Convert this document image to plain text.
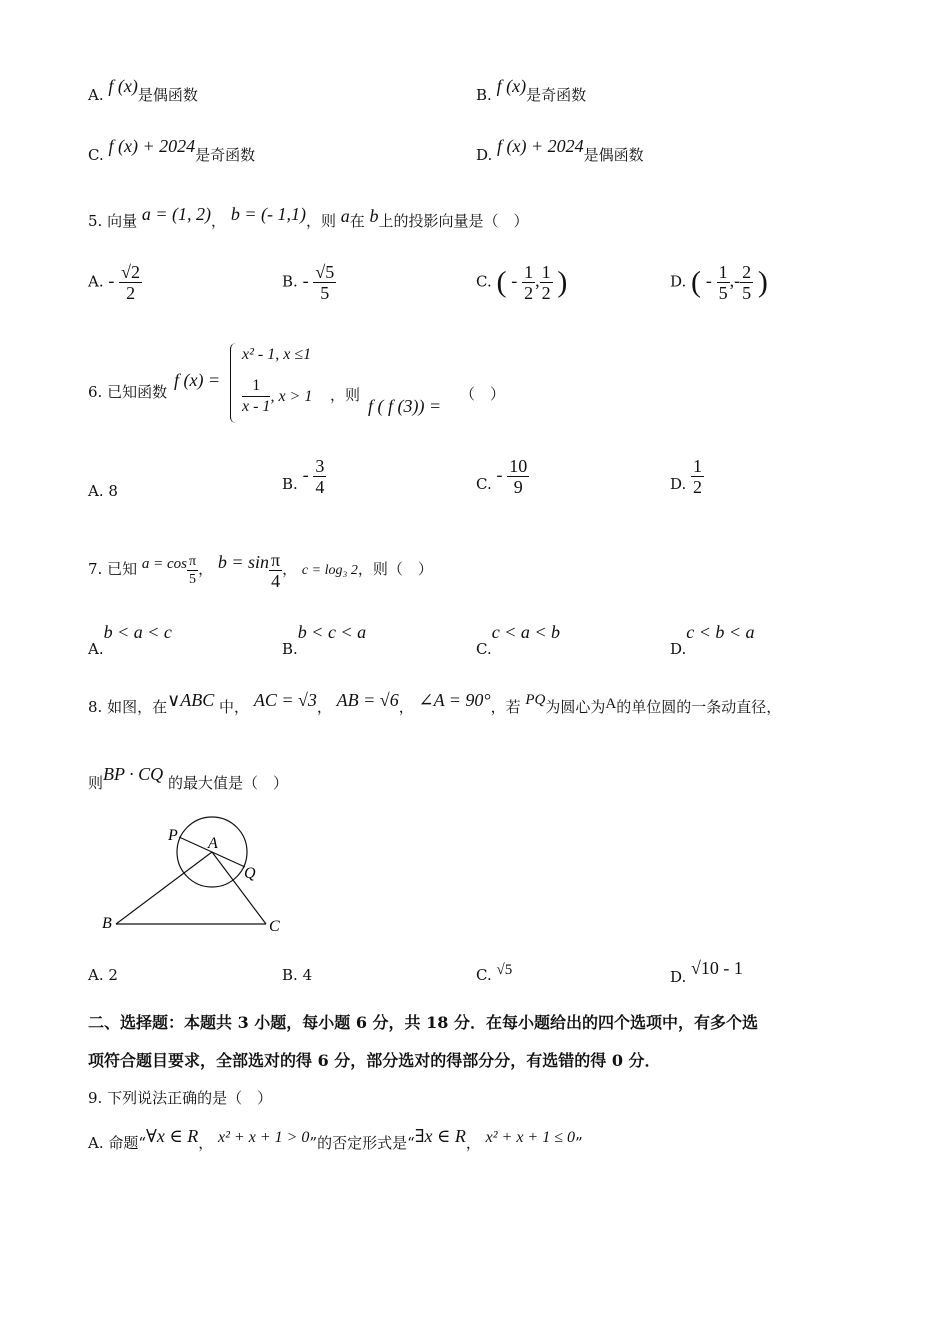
A. f (x)是偶函数	B. f (x)是奇函数
C. f (x) + 2024是奇函数	D. f (x) + 2024是偶函数
5. 向量 a = (1, 2)， b = (- 1,1)，则 a在 b上的投影向量是（　）
A. - $\frac{√2}{2}$	B. - $\frac{√5}{5}$	C. ( - $\frac{1}{2}$ , $\frac{1}{2}$ )	D. ( - $\frac{1}{5}$ ,- $\frac{2}{5}$ )
6. 已知函数
f (x) =
x² - 1, x ≤1
$\frac{1}{x - 1}$ , x > 1 ，则
f ( f (3)) =
（　）
A. 8	B. - $\frac{3}{4}$	C. - $\frac{10}{9}$	D. $\frac{1}{2}$
7. 已知 $a = \cos \frac{\pi}{5}$ ， $b = \sin \frac{\pi}{4}$ ， c = log₃ 2，则（　）
A.b < a < c
B.b < c < a
C.c < a < b
D.c < b < a
8. 如图，在∨ABC 中， AC = √3， AB = √6， ∠A = 90°，若 PQ为圆心为A的单位圆的一条动直径，
则BP · CQ 的最大值是（　）
P A
Q
B	C
A. 2	B. 4	C. √5	D. √10 - 1
二、选择题：本题共 3 小题，每小题 6 分，共 18 分．在每小题给出的四个选项中，有多个选
项符合题目要求，全部选对的得 6 分，部分选对的得部分分，有选错的得 0 分．
9. 下列说法正确的是（　）
A. 命题“∀x ∈ R， x² + x + 1 > 0”的否定形式是“∃x ∈ R， x² + x + 1 ≤ 0”
